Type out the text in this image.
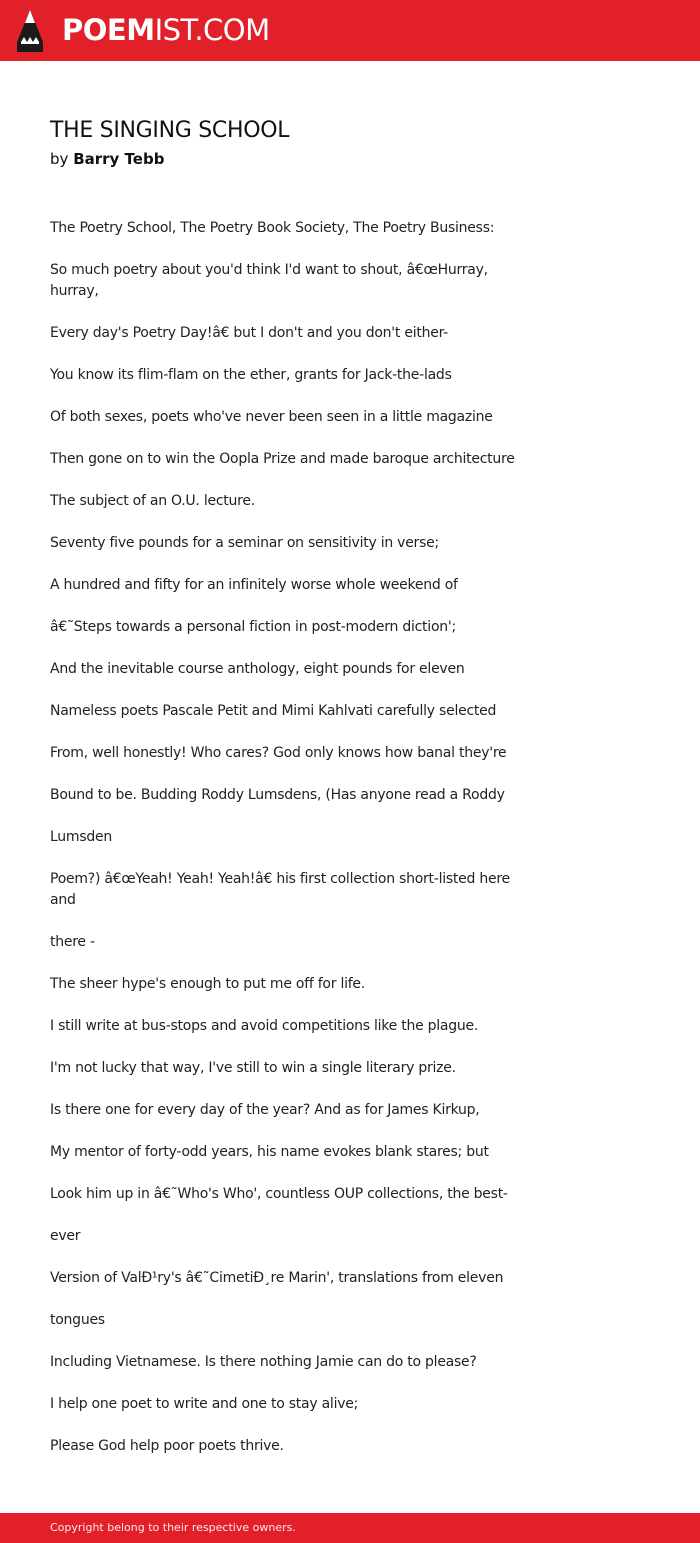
POEMIST.COM
THE SINGING SCHOOL
by Barry Tebb
The Poetry School, The Poetry Book Society, The Poetry Business:
So much poetry about you'd think I'd want to shout, â€œHurray, hurray,
Every day's Poetry Day!â€ but I don't and you don't either-
You know its flim-flam on the ether, grants for Jack-the-lads
Of both sexes, poets who've never been seen in a little magazine
Then gone on to win the Oopla Prize and made baroque architecture
The subject of an O.U. lecture.
Seventy five pounds for a seminar on sensitivity in verse;
A hundred and fifty for an infinitely worse whole weekend of
â€˜Steps towards a personal fiction in post-modern diction';
And the inevitable course anthology, eight pounds for eleven
Nameless poets Pascale Petit and Mimi Kahlvati carefully selected
From, well honestly! Who cares? God only knows how banal they're
Bound to be. Budding Roddy Lumsdens, (Has anyone read a Roddy
Lumsden
Poem?) â€œYeah! Yeah! Yeah!â€ his first collection short-listed here and
there -
The sheer hype's enough to put me off for life.
I still write at bus-stops and avoid competitions like the plague.
I'm not lucky that way, I've still to win a single literary prize.
Is there one for every day of the year? And as for James Kirkup,
My mentor of forty-odd years, his name evokes blank stares; but
Look him up in â€˜Who's Who', countless OUP collections, the best-
ever
Version of ValÐ¹ry's â€˜CimetiÐ¸re Marin', translations from eleven
tongues
Including Vietnamese. Is there nothing Jamie can do to please?
I help one poet to write and one to stay alive;
Please God help poor poets thrive.
Copyright belong to their respective owners.
